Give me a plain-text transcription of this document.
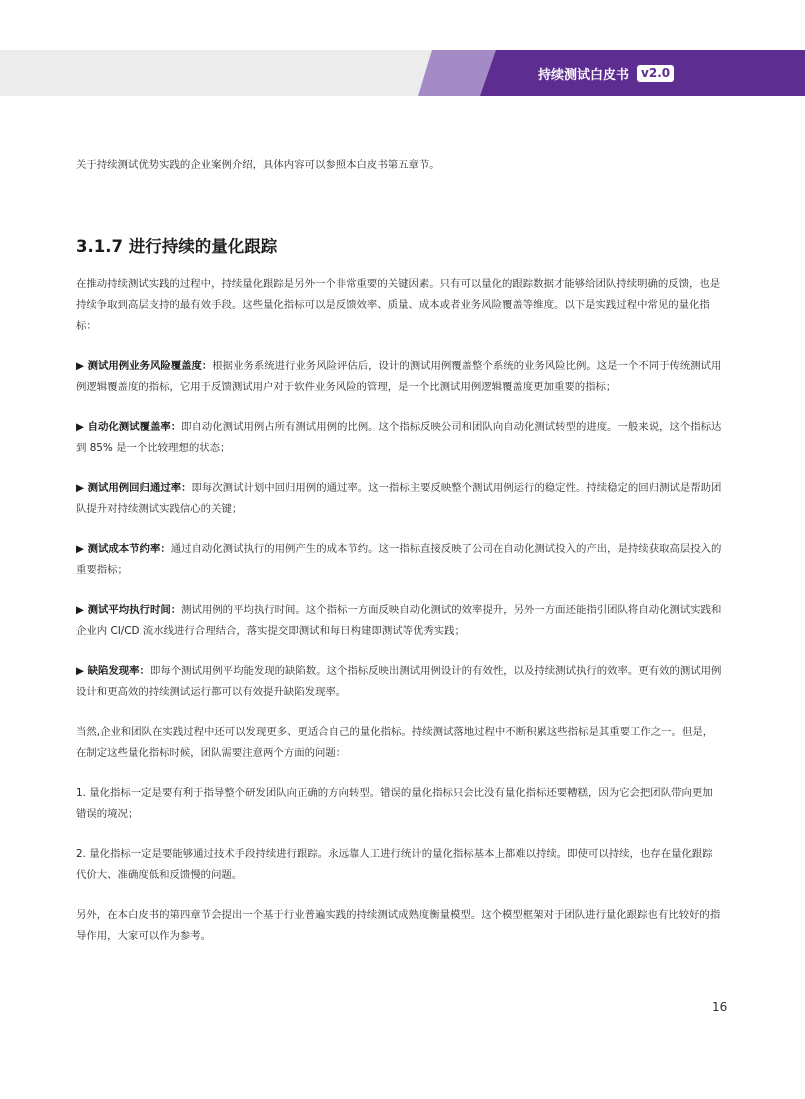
持续测试白皮书	v2.0

关于持续测试优势实践的企业案例介绍，具体内容可以参照本白皮书第五章节。

3.1.7 进行持续的量化跟踪

在推动持续测试实践的过程中，持续量化跟踪是另外一个非常重要的关键因素。只有可以量化的跟踪数据才能够给团队持续明确的反馈，也是持续争取到高层支持的最有效手段。这些量化指标可以是反馈效率、质量、成本或者业务风险覆盖等维度。以下是实践过程中常见的量化指标：

▶ 测试用例业务风险覆盖度：根据业务系统进行业务风险评估后，设计的测试用例覆盖整个系统的业务风险比例。这是一个不同于传统测试用例逻辑覆盖度的指标，它用于反馈测试用户对于软件业务风险的管理，是一个比测试用例逻辑覆盖度更加重要的指标；

▶ 自动化测试覆盖率：即自动化测试用例占所有测试用例的比例。这个指标反映公司和团队向自动化测试转型的进度。一般来说，这个指标达到 85% 是一个比较理想的状态；

▶ 测试用例回归通过率：即每次测试计划中回归用例的通过率。这一指标主要反映整个测试用例运行的稳定性。持续稳定的回归测试是帮助团队提升对持续测试实践信心的关键；

▶ 测试成本节约率：通过自动化测试执行的用例产生的成本节约。这一指标直接反映了公司在自动化测试投入的产出，是持续获取高层投入的重要指标；

▶ 测试平均执行时间：测试用例的平均执行时间。这个指标一方面反映自动化测试的效率提升，另外一方面还能指引团队将自动化测试实践和企业内 CI/CD 流水线进行合理结合，落实提交即测试和每日构建即测试等优秀实践；

▶ 缺陷发现率：即每个测试用例平均能发现的缺陷数。这个指标反映出测试用例设计的有效性，以及持续测试执行的效率。更有效的测试用例设计和更高效的持续测试运行都可以有效提升缺陷发现率。

当然,企业和团队在实践过程中还可以发现更多、更适合自己的量化指标。持续测试落地过程中不断积累这些指标是其重要工作之一。但是，在制定这些量化指标时候，团队需要注意两个方面的问题：

1. 量化指标一定是要有利于指导整个研发团队向正确的方向转型。错误的量化指标只会比没有量化指标还要糟糕，因为它会把团队带向更加错误的境况；

2. 量化指标一定是要能够通过技术手段持续进行跟踪。永远靠人工进行统计的量化指标基本上都难以持续。即使可以持续，也存在量化跟踪代价大、准确度低和反馈慢的问题。

另外，在本白皮书的第四章节会提出一个基于行业普遍实践的持续测试成熟度衡量模型。这个模型框架对于团队进行量化跟踪也有比较好的指导作用，大家可以作为参考。

16
